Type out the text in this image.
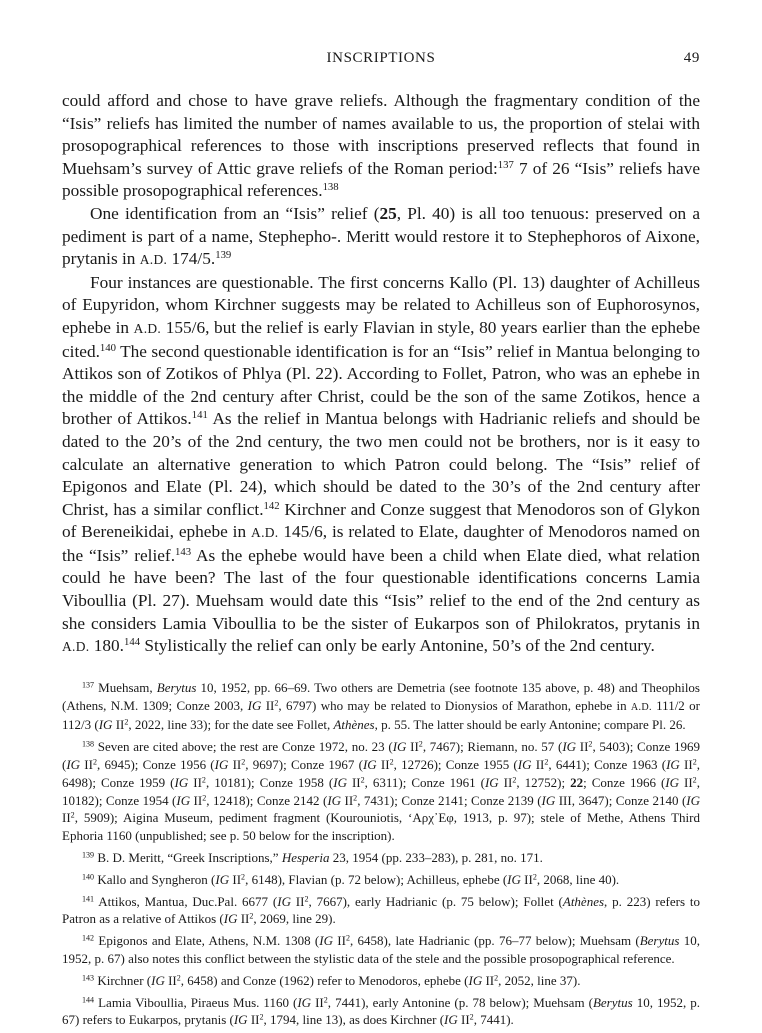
INSCRIPTIONS	49

could afford and chose to have grave reliefs. Although the fragmentary condition of the “Isis” reliefs has limited the number of names available to us, the proportion of stelai with prosopographical references to those with inscriptions preserved reflects that found in Muehsam’s survey of Attic grave reliefs of the Roman period:$^{137}$ 7 of 26 “Isis” reliefs have possible prosopographical references.$^{138}$

One identification from an “Isis” relief (25, Pl. 40) is all too tenuous: preserved on a pediment is part of a name, Stephepho-. Meritt would restore it to Stephephoros of Aixone, prytanis in A.D. 174/5.$^{139}$

Four instances are questionable. The first concerns Kallo (Pl. 13) daughter of Achilleus of Eupyridon, whom Kirchner suggests may be related to Achilleus son of Euphorosynos, ephebe in A.D. 155/6, but the relief is early Flavian in style, 80 years earlier than the ephebe cited.$^{140}$ The second questionable identification is for an “Isis” relief in Mantua belonging to Attikos son of Zotikos of Phlya (Pl. 22). According to Follet, Patron, who was an ephebe in the middle of the 2nd century after Christ, could be the son of the same Zotikos, hence a brother of Attikos.$^{141}$ As the relief in Mantua belongs with Hadrianic reliefs and should be dated to the 20’s of the 2nd century, the two men could not be brothers, nor is it easy to calculate an alternative generation to which Patron could belong. The “Isis” relief of Epigonos and Elate (Pl. 24), which should be dated to the 30’s of the 2nd century after Christ, has a similar conflict.$^{142}$ Kirchner and Conze suggest that Menodoros son of Glykon of Bereneikidai, ephebe in A.D. 145/6, is related to Elate, daughter of Menodoros named on the “Isis” relief.$^{143}$ As the ephebe would have been a child when Elate died, what relation could he have been? The last of the four questionable identifications concerns Lamia Viboullia (Pl. 27). Muehsam would date this “Isis” relief to the end of the 2nd century as she considers Lamia Viboullia to be the sister of Eukarpos son of Philokratos, prytanis in A.D. 180.$^{144}$ Stylistically the relief can only be early Antonine, 50’s of the 2nd century.

$^{137}$ Muehsam, Berytus 10, 1952, pp. 66–69. Two others are Demetria (see footnote 135 above, p. 48) and Theophilos (Athens, N.M. 1309; Conze 2003, IG $II^2$, 6797) who may be related to Dionysios of Marathon, ephebe in A.D. 111/2 or 112/3 (IG $II^2$, 2022, line 33); for the date see Follet, Athènes, p. 55. The latter should be early Antonine; compare Pl. 26.

$^{138}$ Seven are cited above; the rest are Conze 1972, no. 23 (IG $II^2$, 7467); Riemann, no. 57 (IG $II^2$, 5403); Conze 1969 (IG $II^2$, 6945); Conze 1956 (IG $II^2$, 9697); Conze 1967 (IG $II^2$, 12726); Conze 1955 (IG $II^2$, 6441); Conze 1963 (IG $II^2$, 6498); Conze 1959 (IG $II^2$, 10181); Conze 1958 (IG $II^2$, 6311); Conze 1961 (IG $II^2$, 12752); 22; Conze 1966 (IG $II^2$, 10182); Conze 1954 (IG $II^2$, 12418); Conze 2142 (IG $II^2$, 7431); Conze 2141; Conze 2139 (IG III, 3647); Conze 2140 (IG $II^2$, 5909); Aigina Museum, pediment fragment (Kourouniotis, ‘Αρχ᾽Εφ, 1913, p. 97); stele of Methe, Athens Third Ephoria 1160 (unpublished; see p. 50 below for the inscription).

$^{139}$ B. D. Meritt, “Greek Inscriptions,” Hesperia 23, 1954 (pp. 233–283), p. 281, no. 171.

$^{140}$ Kallo and Syngheron (IG $II^2$, 6148), Flavian (p. 72 below); Achilleus, ephebe (IG $II^2$, 2068, line 40).

$^{141}$ Attikos, Mantua, Duc.Pal. 6677 (IG $II^2$, 7667), early Hadrianic (p. 75 below); Follet (Athènes, p. 223) refers to Patron as a relative of Attikos (IG $II^2$, 2069, line 29).

$^{142}$ Epigonos and Elate, Athens, N.M. 1308 (IG $II^2$, 6458), late Hadrianic (pp. 76–77 below); Muehsam (Berytus 10, 1952, p. 67) also notes this conflict between the stylistic data of the stele and the possible prosopographical reference.

$^{143}$ Kirchner (IG $II^2$, 6458) and Conze (1962) refer to Menodoros, ephebe (IG $II^2$, 2052, line 37).

$^{144}$ Lamia Viboullia, Piraeus Mus. 1160 (IG $II^2$, 7441), early Antonine (p. 78 below); Muehsam (Berytus 10, 1952, p. 67) refers to Eukarpos, prytanis (IG $II^2$, 1794, line 13), as does Kirchner (IG $II^2$, 7441).
